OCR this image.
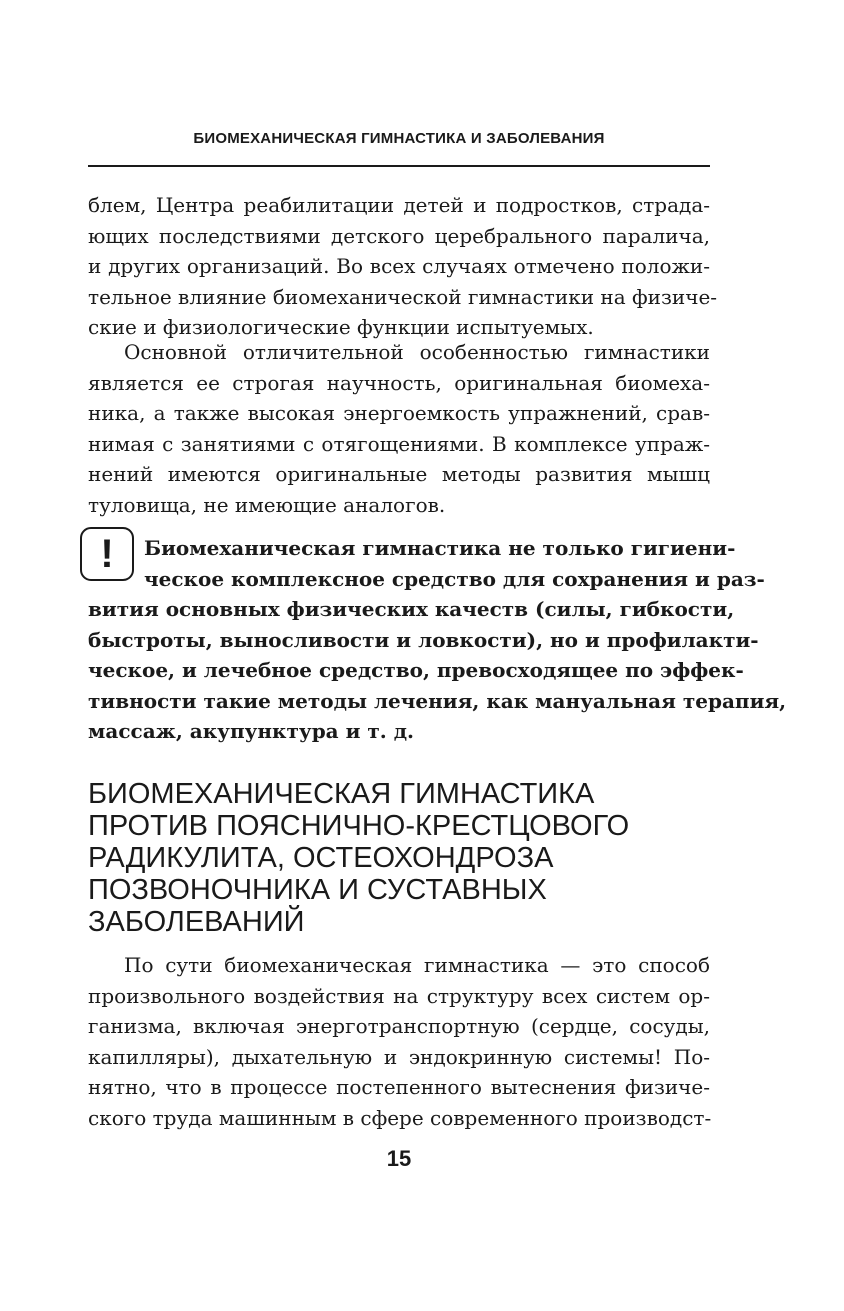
БИОМЕХАНИЧЕСКАЯ ГИМНАСТИКА И ЗАБОЛЕВАНИЯ

блем, Центра реабилитации детей и подростков, страда-
ющих последствиями детского церебрального паралича,
и других организаций. Во всех случаях отмечено положи-
тельное влияние биомеханической гимнастики на физиче-
ские и физиологические функции испытуемых.

Основной отличительной особенностью гимнастики
является ее строгая научность, оригинальная биомеха-
ника, а также высокая энергоемкость упражнений, срав-
нимая с занятиями с отягощениями. В комплексе упраж-
нений имеются оригинальные методы развития мышц
туловища, не имеющие аналогов.

!	Биомеханическая гимнастика не только гигиени-
ческое комплексное средство для сохранения и раз-
вития основных физических качеств (силы, гибкости,
быстроты, выносливости и ловкости), но и профилакти-
ческое, и лечебное средство, превосходящее по эффек-
тивности такие методы лечения, как мануальная терапия,
массаж, акупунктура и т. д.

БИОМЕХАНИЧЕСКАЯ ГИМНАСТИКА
ПРОТИВ ПОЯСНИЧНО-КРЕСТЦОВОГО
РАДИКУЛИТА, ОСТЕОХОНДРОЗА
ПОЗВОНОЧНИКА И СУСТАВНЫХ
ЗАБОЛЕВАНИЙ

По сути биомеханическая гимнастика — это способ
произвольного воздействия на структуру всех систем ор-
ганизма, включая энерготранспортную (сердце, сосуды,
капилляры), дыхательную и эндокринную системы! По-
нятно, что в процессе постепенного вытеснения физиче-
ского труда машинным в сфере современного производст-

15
